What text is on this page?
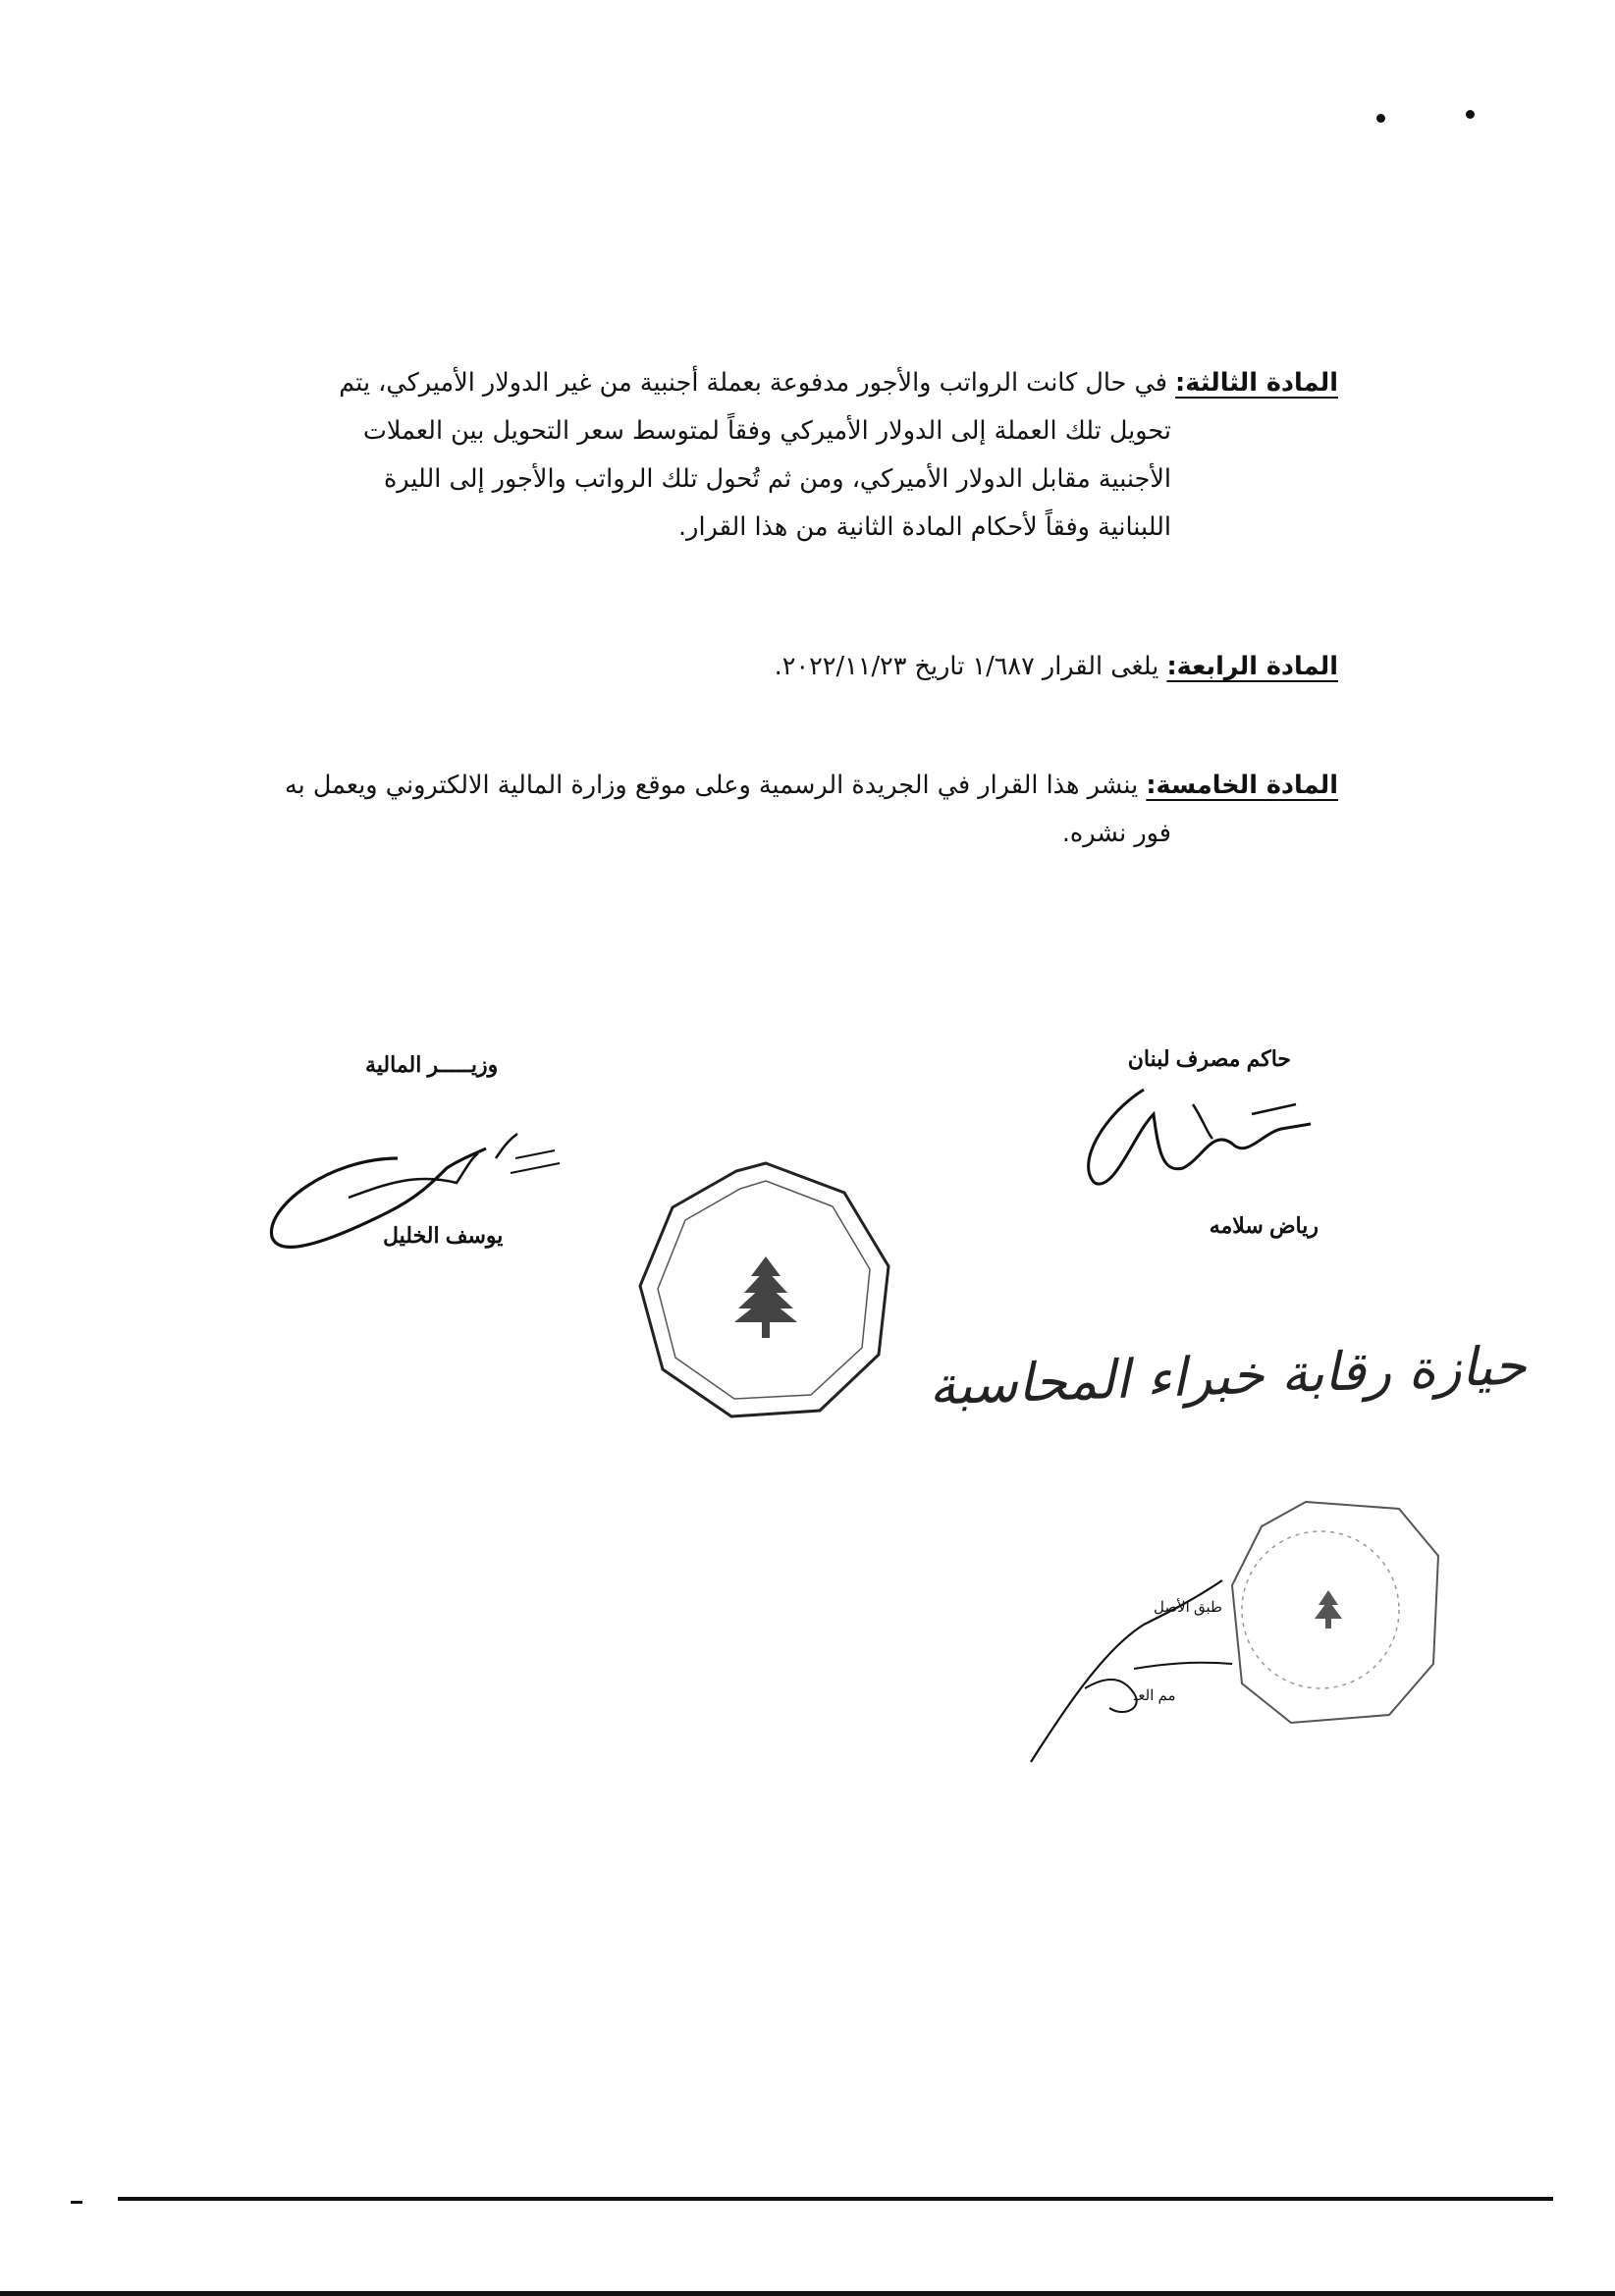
المادة الثالثة: في حال كانت الرواتب والأجور مدفوعة بعملة أجنبية من غير الدولار الأميركي، يتم
تحويل تلك العملة إلى الدولار الأميركي وفقاً لمتوسط سعر التحويل بين العملات
الأجنبية مقابل الدولار الأميركي، ومن ثم تُحول تلك الرواتب والأجور إلى الليرة
اللبنانية وفقاً لأحكام المادة الثانية من هذا القرار.
المادة الرابعة: يلغى القرار ١/٦٨٧ تاريخ ٢٠٢٢/١١/٢٣.
المادة الخامسة: ينشر هذا القرار في الجريدة الرسمية وعلى موقع وزارة المالية الالكتروني ويعمل به
فور نشره.
حاكم مصرف لبنان
رياض سلامه
وزيـــــر المالية
يوسف الخليل
حيازة رقابة خبراء المحاسبة
طبق الأصل
مم العـ
